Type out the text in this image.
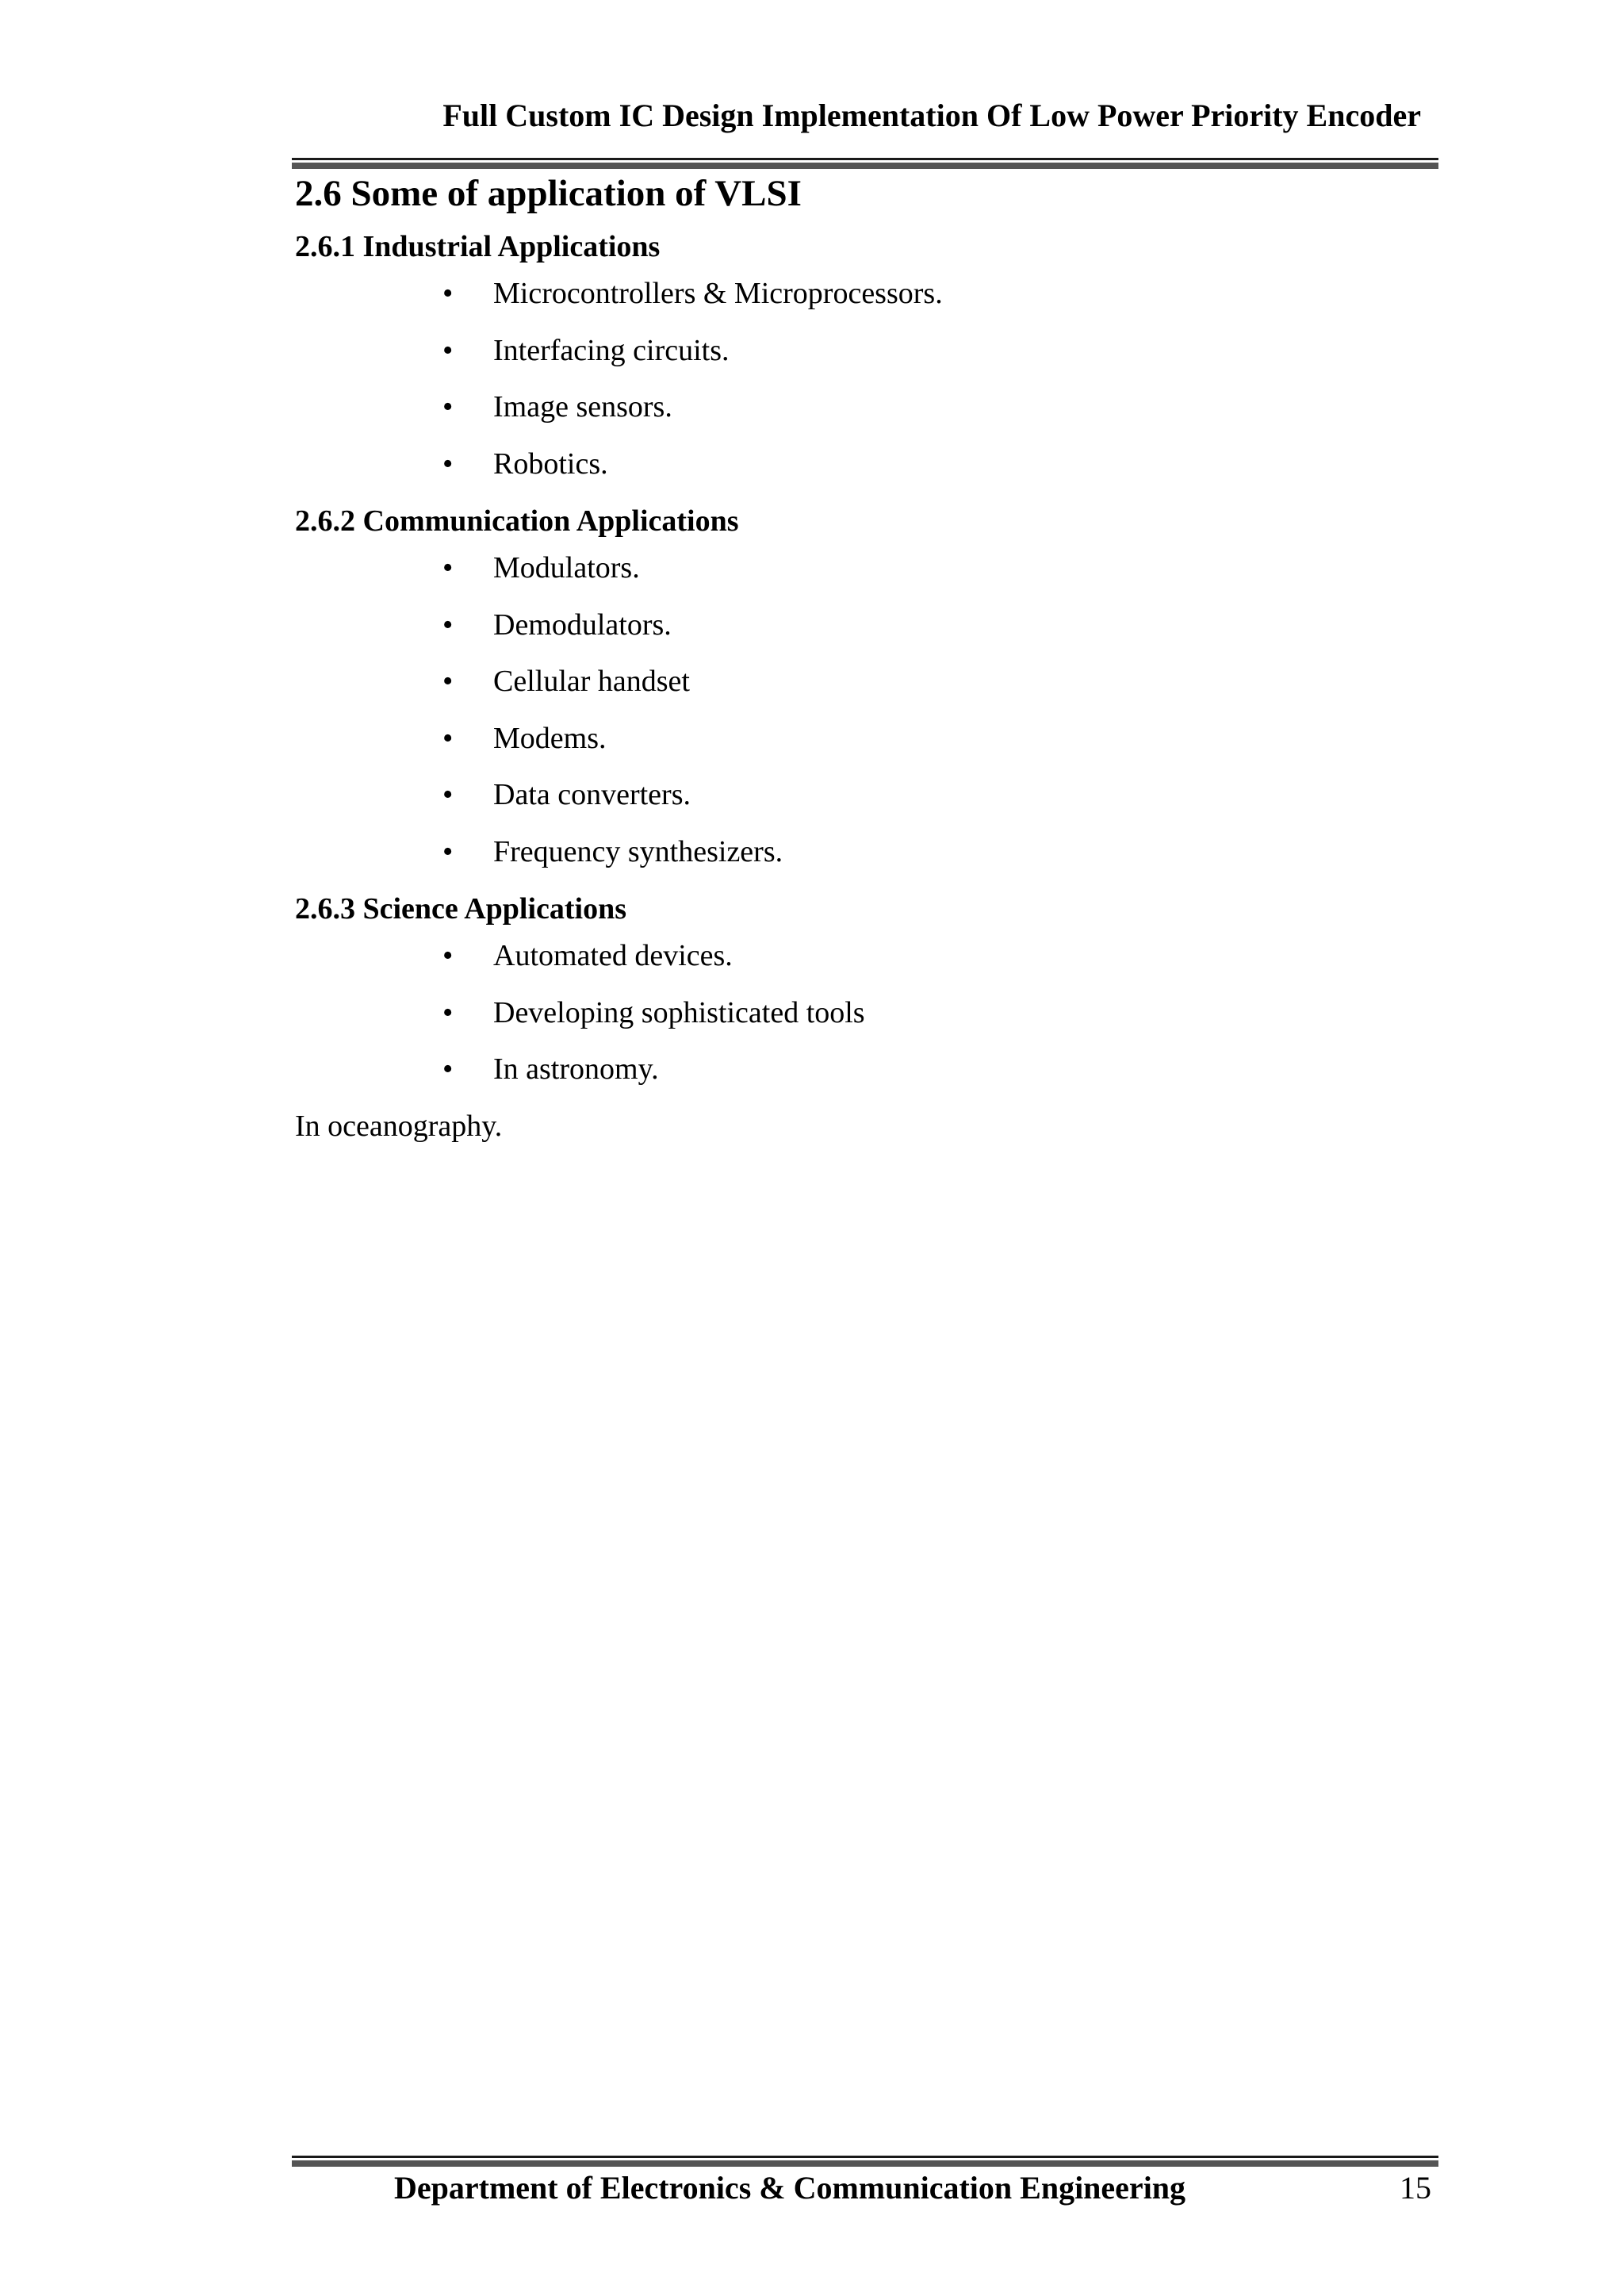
Full Custom IC Design Implementation Of Low Power Priority Encoder
2.6 Some of application of VLSI
2.6.1 Industrial Applications
• Microcontrollers & Microprocessors.
• Interfacing circuits.
• Image sensors.
• Robotics.
2.6.2 Communication Applications
• Modulators.
• Demodulators.
• Cellular handset
• Modems.
• Data converters.
• Frequency synthesizers.
2.6.3 Science Applications
• Automated devices.
• Developing sophisticated tools
• In astronomy.

In oceanography.

Department of Electronics & Communication Engineering	15
